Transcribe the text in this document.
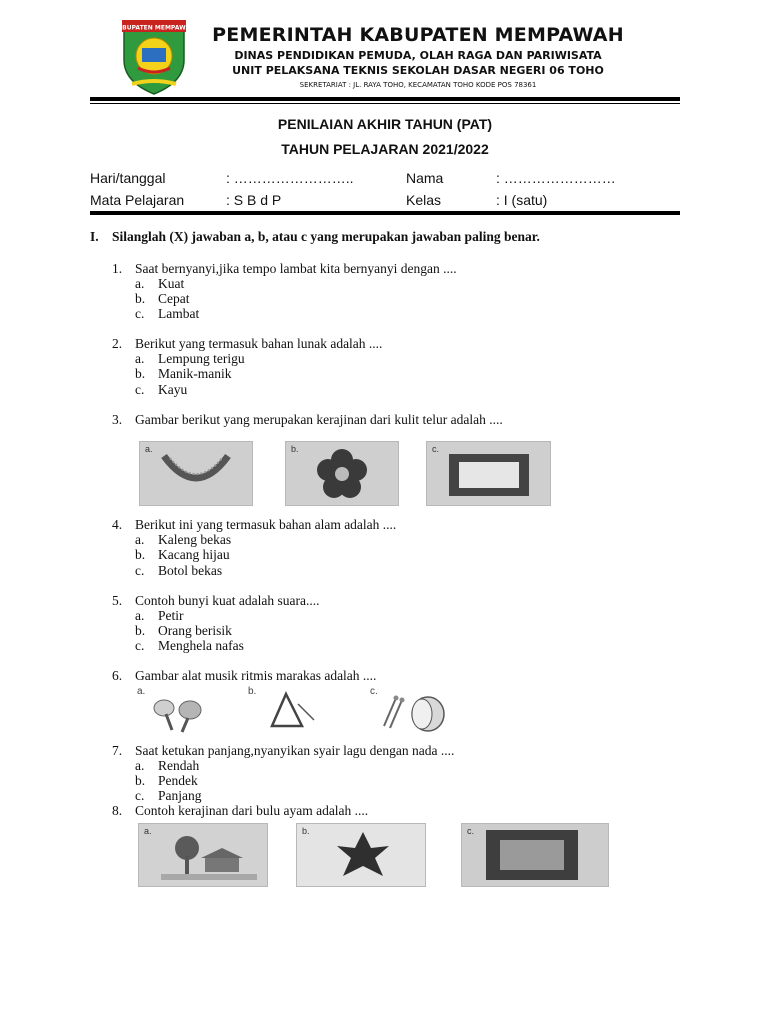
KABUPATEN MEMPAWAH PEMERINTAH KABUPATEN MEMPAWAH
DINAS PENDIDIKAN PEMUDA, OLAH RAGA DAN PARIWISATA
UNIT PELAKSANA TEKNIS SEKOLAH DASAR NEGERI 06 TOHO
SEKRETARIAT : JL. RAYA TOHO, KECAMATAN TOHO KODE POS 78361
PENILAIAN AKHIR TAHUN (PAT)
TAHUN PELAJARAN 2021/2022
Hari/tanggal	: ……………………..	Nama	: ……………………
Mata Pelajaran	: S B d P	Kelas	: I (satu)
I. Silanglah (X) jawaban a, b, atau c yang merupakan jawaban paling benar.
1. Saat bernyanyi,jika tempo lambat kita bernyanyi dengan ....
a. Kuat
b. Cepat
c. Lambat
2. Berikut yang termasuk bahan lunak adalah ....
a. Lempung terigu
b. Manik-manik
c. Kayu
3. Gambar berikut yang merupakan kerajinan dari kulit telur adalah ....
a.	b.	c.
4. Berikut ini yang termasuk bahan alam adalah ....
a. Kaleng bekas
b. Kacang hijau
c. Botol bekas
5. Contoh bunyi kuat adalah suara....
a. Petir
b. Orang berisik
c. Menghela nafas
6. Gambar alat musik ritmis marakas adalah ....
a.	b.	c.
7. Saat ketukan panjang,nyanyikan syair lagu dengan nada ....
a. Rendah
b. Pendek
c. Panjang
8. Contoh kerajinan dari bulu ayam adalah ....
a.	b.	c.
